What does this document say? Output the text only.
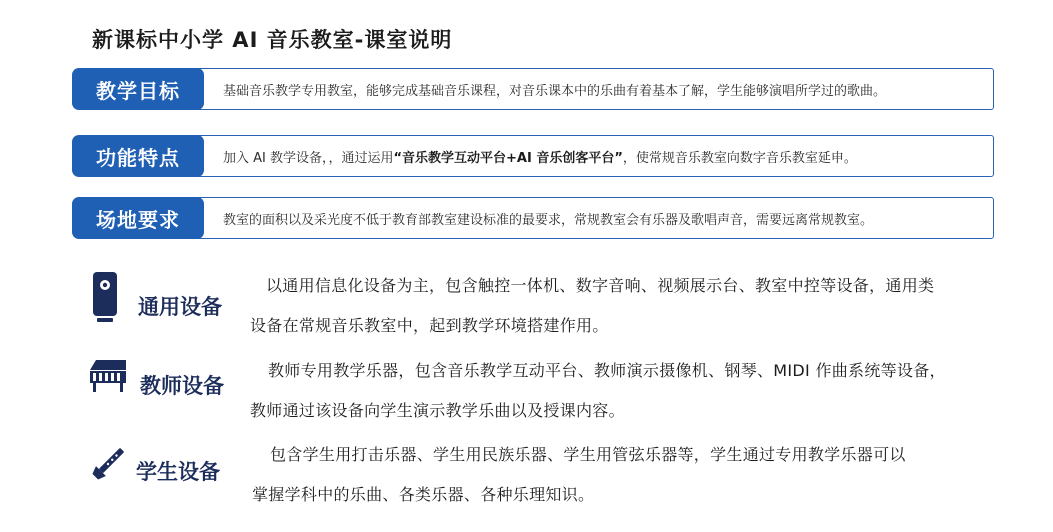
新课标中小学 AI 音乐教室-课室说明
教学目标	基础音乐教学专用教室，能够完成基础音乐课程，对音乐课本中的乐曲有着基本了解，学生能够演唱所学过的歌曲。
功能特点	加入 AI 教学设备，，通过运用 “音乐教学互动平台+AI 音乐创客平台” ，使常规音乐教室向数字音乐教室延申。
场地要求	教室的面积以及采光度不低于教育部教室建设标准的最要求，常规教室会有乐器及歌唱声音，需要远离常规教室。
通用设备
以通用信息化设备为主，包含触控一体机、数字音响、视频展示台、教室中控等设备，通用类
设备在常规音乐教室中，起到教学环境搭建作用。
教师设备
教师专用教学乐器，包含音乐教学互动平台、教师演示摄像机、钢琴、MIDI 作曲系统等设备，
教师通过该设备向学生演示教学乐曲以及授课内容。
学生设备
包含学生用打击乐器、学生用民族乐器、学生用管弦乐器等，学生通过专用教学乐器可以
掌握学科中的乐曲、各类乐器、各种乐理知识。
